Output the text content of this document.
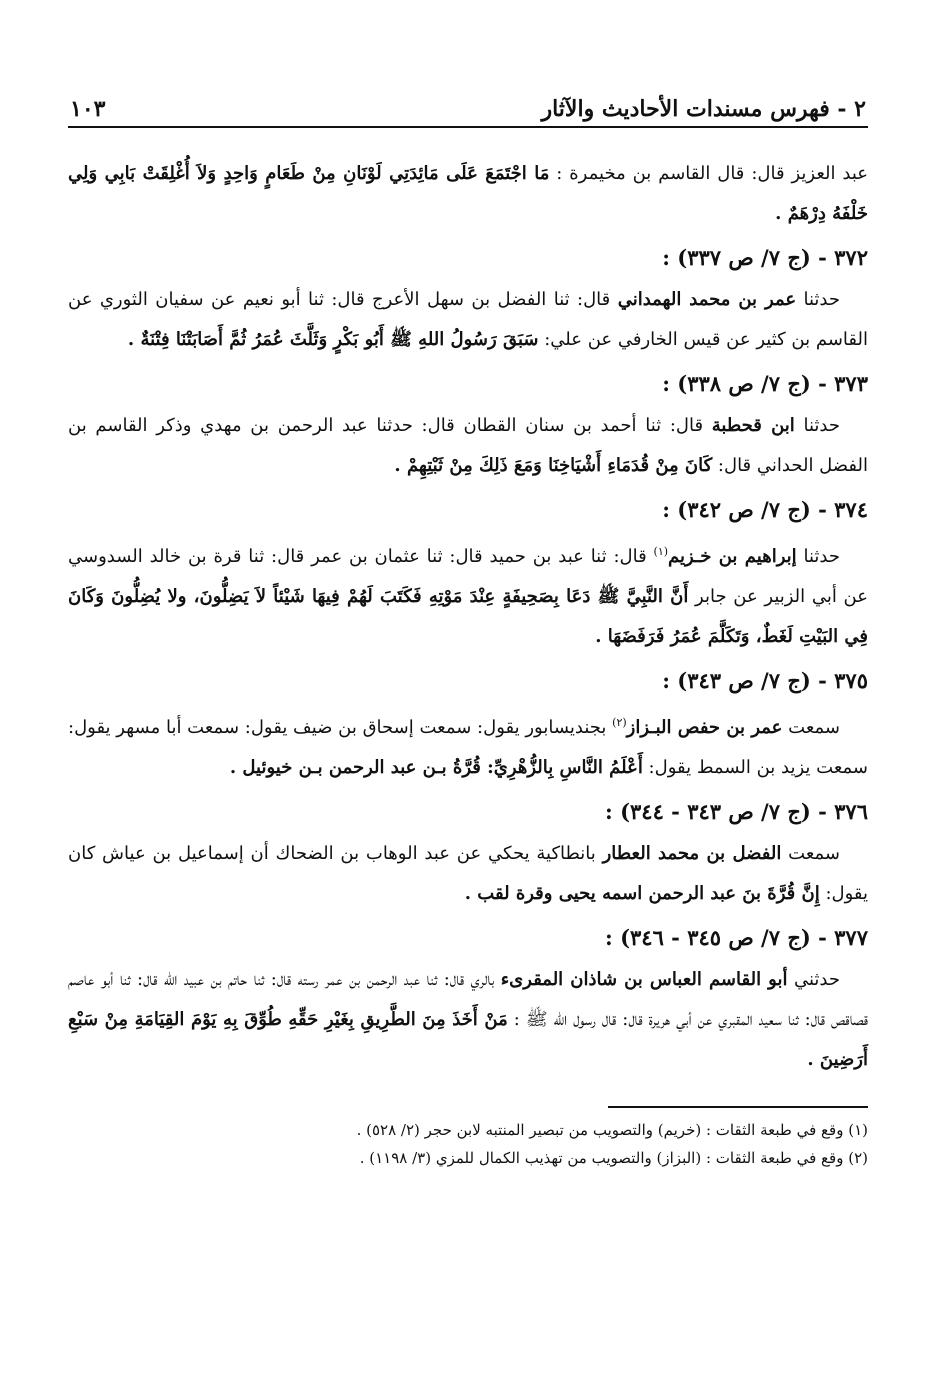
٢ - فهرس مسندات الأحاديث والآثار
١٠٣

عبد العزيز قال: قال القاسم بن مخيمرة : مَا اجْتَمَعَ عَلَى مَائِدَتِي لَوْنَانِ مِنْ طَعَامٍ وَاحِدٍ وَلاَ أُغْلِقَتْ بَابِي وَلِي خَلْفَهُ دِرْهَمٌ .

٣٧٢ - (ج ٧/ ص ٣٣٧) :

حدثنا عمر بن محمد الهمداني قال: ثنا الفضل بن سهل الأعرج قال: ثنا أبو نعيم عن سفيان الثوري عن القاسم بن كثير عن قيس الخارفي عن علي: سَبَقَ رَسُولُ اللهِ ﷺ أَبُو بَكْرٍ وَثَلَّثَ عُمَرُ ثُمَّ أَصَابَتْنَا فِتْنَةٌ .

٣٧٣ - (ج ٧/ ص ٣٣٨) :

حدثنا ابن قحطبة قال: ثنا أحمد بن سنان القطان قال: حدثنا عبد الرحمن بن مهدي وذكر القاسم بن الفضل الحداني قال: كَانَ مِنْ قُدَمَاءِ أَشْيَاخِنَا وَمَعَ ذَلِكَ مِنْ ثَبْتِهِمْ .

٣٧٤ - (ج ٧/ ص ٣٤٢) :

حدثنا إبراهيم بن خـزيم$^{(١)}$ قال: ثنا عبد بن حميد قال: ثنا عثمان بن عمر قال: ثنا قرة بن خالد السدوسي عن أبي الزبير عن جابر أَنَّ النَّبِيَّ ﷺ دَعَا بِصَحِيفَةٍ عِنْدَ مَوْتِهِ فَكَتَبَ لَهُمْ فِيهَا شَيْئاً لاَ يَضِلُّونَ، ولا يُضِلُّونَ وَكَانَ فِي البَيْتِ لَغَطٌ، وَتَكَلَّمَ عُمَرُ فَرَفَضَهَا .

٣٧٥ - (ج ٧/ ص ٣٤٣) :

سمعت عمر بن حفص البـزاز$^{(٢)}$ بجنديسابور يقول: سمعت إسحاق بن ضيف يقول: سمعت أبا مسهر يقول: سمعت يزيد بن السمط يقول: أَعْلَمُ النَّاسِ بِالزُّهْرِيِّ: قُرَّةُ بـن عبد الرحمن بـن خيوئيل .

٣٧٦ - (ج ٧/ ص ٣٤٣ - ٣٤٤) :

سمعت الفضل بن محمد العطار بانطاكية يحكي عن عبد الوهاب بن الضحاك أن إسماعيل بن عياش كان يقول: إِنَّ قُرَّةَ بنَ عبد الرحمن اسمه يحيى وقرة لقب .

٣٧٧ - (ج ٧/ ص ٣٤٥ - ٣٤٦) :

حدثني أبو القاسم العباس بن شاذان المقرىء بالري قال: ثنا عبد الرحمن بن عمر رسته قال: ثنا حاتم بن عبيد الله قال: ثنا أبو عاصم قصاقص قال: ثنا سعيد المقبري عن أبي هريرة قال: قال رسول الله ﷺ : مَنْ أَخَذَ مِنَ الطَّرِيقِ بِغَيْرِ حَقِّهِ طُوِّقَ بِهِ يَوْمَ القِيَامَةِ مِنْ سَبْعِ أَرَضِينَ .

(١) وقع في طبعة الثقات : (خريم) والتصويب من تبصير المنتبه لابن حجر (٢/ ٥٢٨) .

(٢) وقع في طبعة الثقات : (البزاز) والتصويب من تهذيب الكمال للمزي (٣/ ١١٩٨) .
